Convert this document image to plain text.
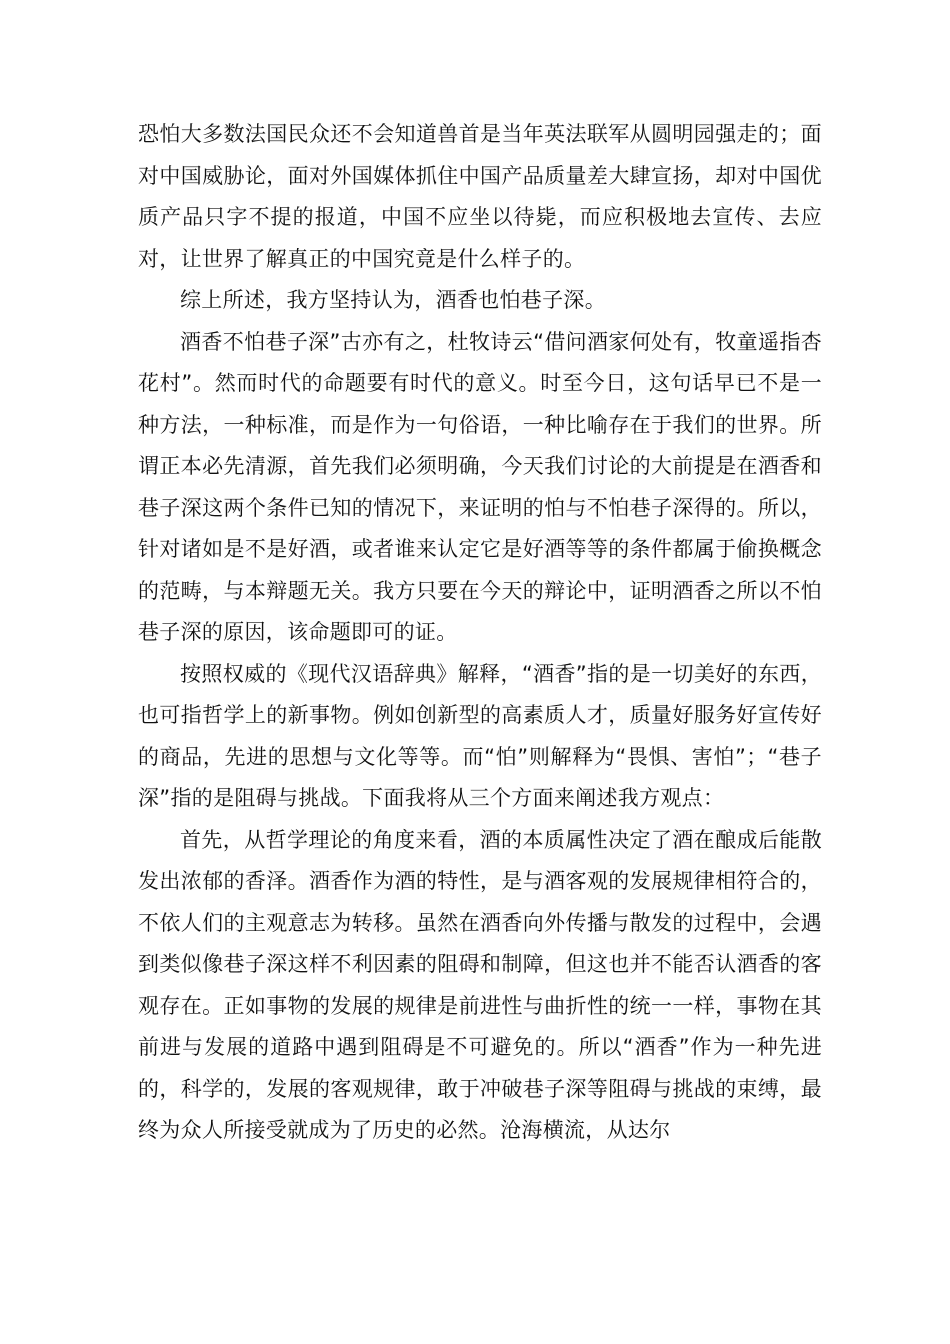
恐怕大多数法国民众还不会知道兽首是当年英法联军从圆明园强走的；面对中国威胁论，面对外国媒体抓住中国产品质量差大肆宣扬，却对中国优质产品只字不提的报道，中国不应坐以待毙，而应积极地去宣传、去应对，让世界了解真正的中国究竟是什么样子的。

综上所述，我方坚持认为，酒香也怕巷子深。

酒香不怕巷子深”古亦有之，杜牧诗云“借问酒家何处有，牧童遥指杏花村”。然而时代的命题要有时代的意义。时至今日，这句话早已不是一种方法，一种标准，而是作为一句俗语，一种比喻存在于我们的世界。所谓正本必先清源，首先我们必须明确，今天我们讨论的大前提是在酒香和巷子深这两个条件已知的情况下，来证明的怕与不怕巷子深得的。所以，针对诸如是不是好酒，或者谁来认定它是好酒等等的条件都属于偷换概念的范畴，与本辩题无关。我方只要在今天的辩论中，证明酒香之所以不怕巷子深的原因，该命题即可的证。

按照权威的《现代汉语辞典》解释，“酒香”指的是一切美好的东西，也可指哲学上的新事物。例如创新型的高素质人才，质量好服务好宣传好的商品，先进的思想与文化等等。而“怕”则解释为“畏惧、害怕”；“巷子深”指的是阻碍与挑战。下面我将从三个方面来阐述我方观点：

首先，从哲学理论的角度来看，酒的本质属性决定了酒在酿成后能散发出浓郁的香泽。酒香作为酒的特性，是与酒客观的发展规律相符合的，不依人们的主观意志为转移。虽然在酒香向外传播与散发的过程中，会遇到类似像巷子深这样不利因素的阻碍和制障，但这也并不能否认酒香的客观存在。正如事物的发展的规律是前进性与曲折性的统一一样，事物在其前进与发展的道路中遇到阻碍是不可避免的。所以“酒香”作为一种先进的，科学的，发展的客观规律，敢于冲破巷子深等阻碍与挑战的束缚，最终为众人所接受就成为了历史的必然。沧海横流，从达尔
